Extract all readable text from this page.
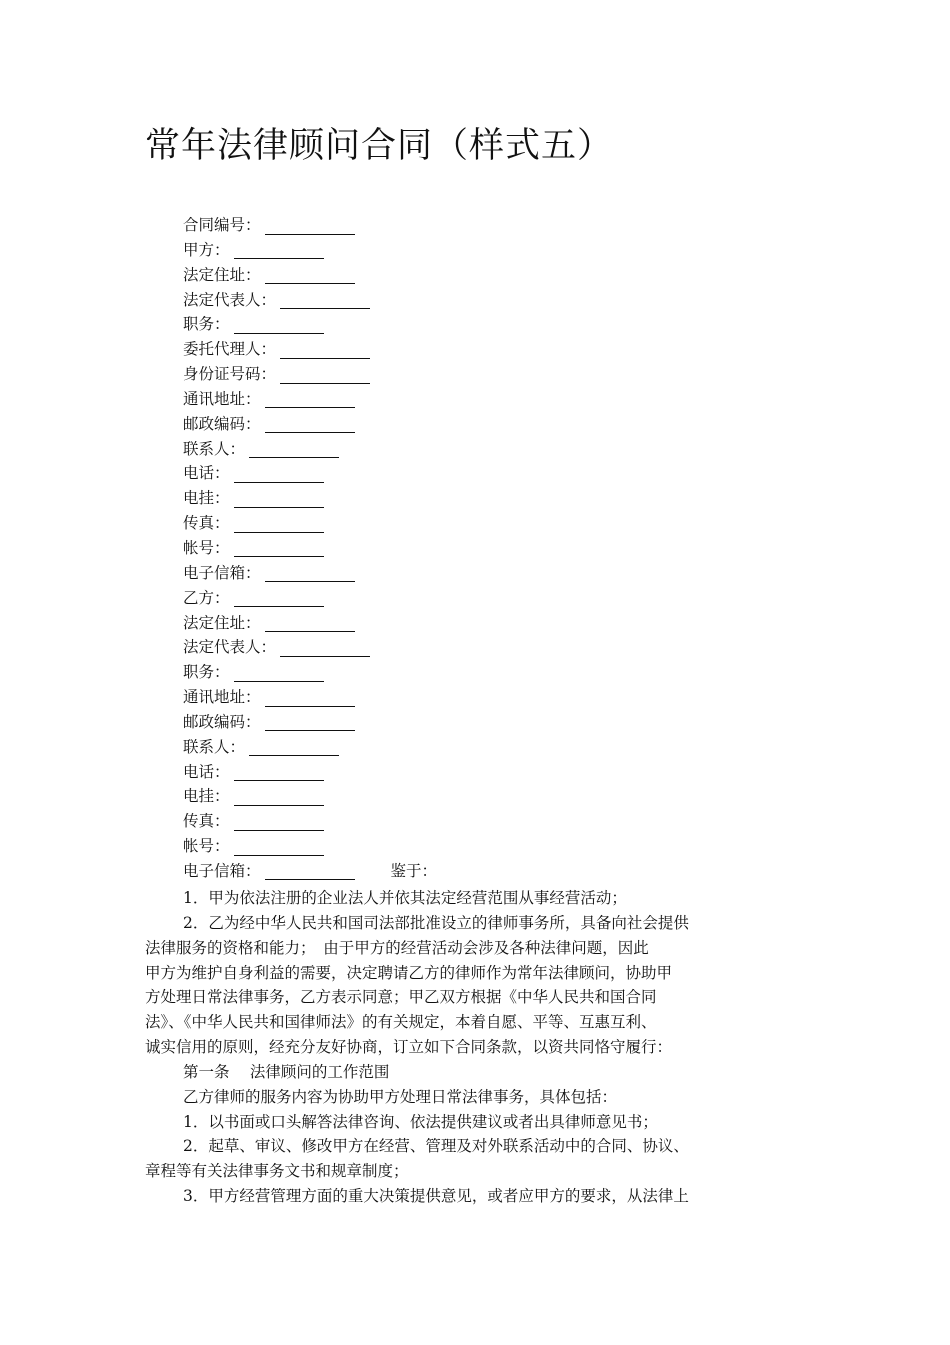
常年法律顾问合同（样式五）
合同编号：
甲方：
法定住址：
法定代表人：
职务：
委托代理人：
身份证号码：
通讯地址：
邮政编码：
联系人：
电话：
电挂：
传真：
帐号：
电子信箱：
乙方：
法定住址：
法定代表人：
职务：
通讯地址：
邮政编码：
联系人：
电话：
电挂：
传真：
帐号：
电子信箱：	鉴于：
1．甲为依法注册的企业法人并依其法定经营范围从事经营活动；
2．乙为经中华人民共和国司法部批准设立的律师事务所，具备向社会提供
法律服务的资格和能力；　由于甲方的经营活动会涉及各种法律问题，因此
甲方为维护自身利益的需要，决定聘请乙方的律师作为常年法律顾问，协助甲
方处理日常法律事务，乙方表示同意；甲乙双方根据《中华人民共和国合同
法》、《中华人民共和国律师法》的有关规定，本着自愿、平等、互惠互利、
诚实信用的原则，经充分友好协商，订立如下合同条款，以资共同恪守履行：
第一条　 法律顾问的工作范围
乙方律师的服务内容为协助甲方处理日常法律事务，具体包括：
1．以书面或口头解答法律咨询、依法提供建议或者出具律师意见书；
2．起草、审议、修改甲方在经营、管理及对外联系活动中的合同、协议、
章程等有关法律事务文书和规章制度；
3．甲方经营管理方面的重大决策提供意见，或者应甲方的要求，从法律上
